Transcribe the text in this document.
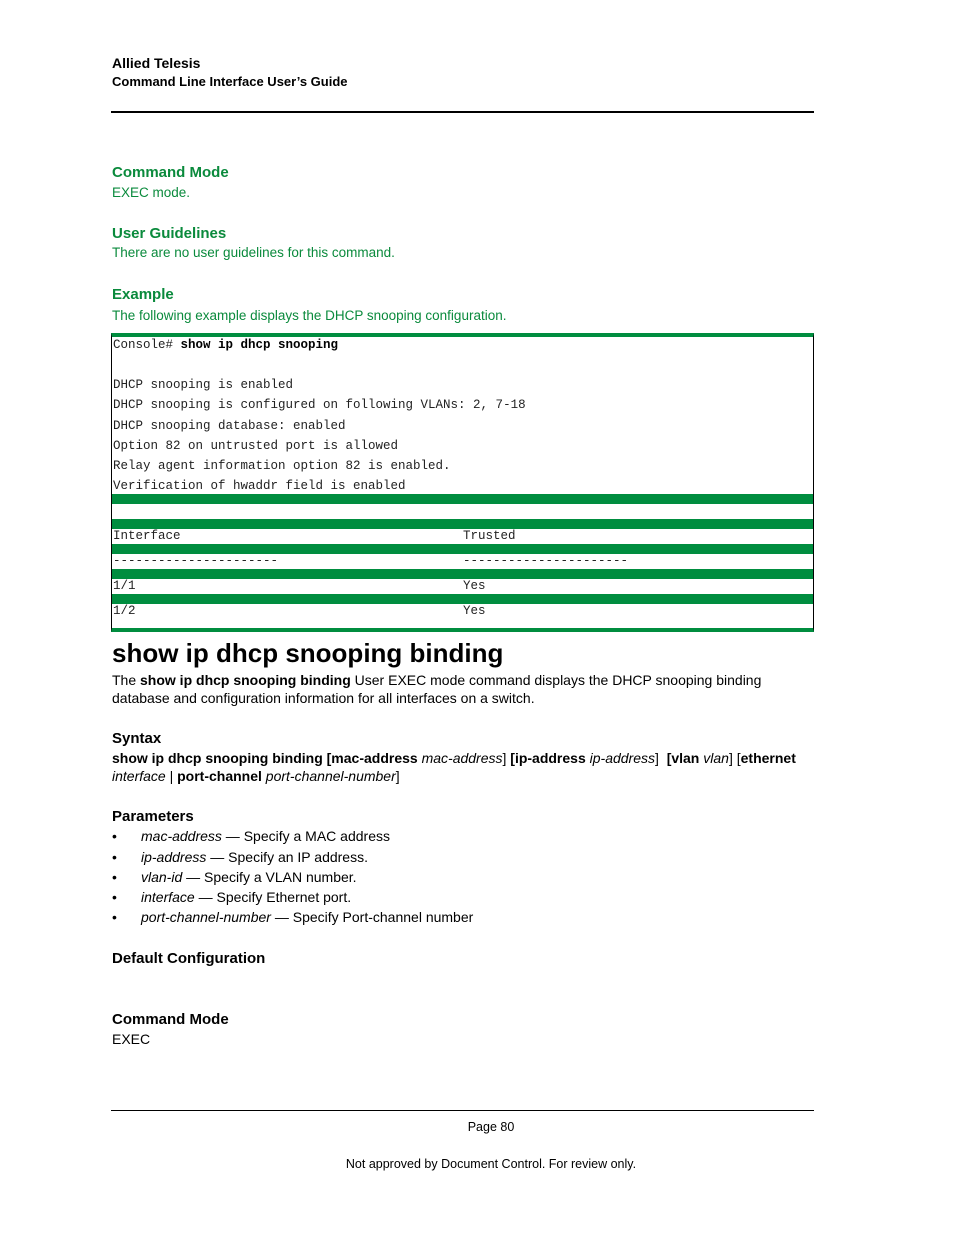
Allied Telesis
Command Line Interface User’s Guide
Command Mode
EXEC mode.
User Guidelines
There are no user guidelines for this command.
Example
The following example displays the DHCP snooping configuration.
Console# show ip dhcp snooping
DHCP snooping is enabled
DHCP snooping is configured on following VLANs: 2, 7-18
DHCP snooping database: enabled
Option 82 on untrusted port is allowed
Relay agent information option 82 is enabled.
Verification of hwaddr field is enabled
Interface	Trusted
----------------------	----------------------
1/1	Yes
1/2	Yes
show ip dhcp snooping binding
The show ip dhcp snooping binding User EXEC mode command displays the DHCP snooping binding
database and configuration information for all interfaces on a switch.
Syntax
show ip dhcp snooping binding [mac-address mac-address] [ip-address ip-address]  [vlan vlan] [ethernet
interface | port-channel port-channel-number]
Parameters
• mac-address — Specify a MAC address
• ip-address — Specify an IP address.
• vlan-id — Specify a VLAN number.
• interface — Specify Ethernet port.
• port-channel-number — Specify Port-channel number
Default Configuration
Command Mode
EXEC
Page 80
Not approved by Document Control. For review only.
